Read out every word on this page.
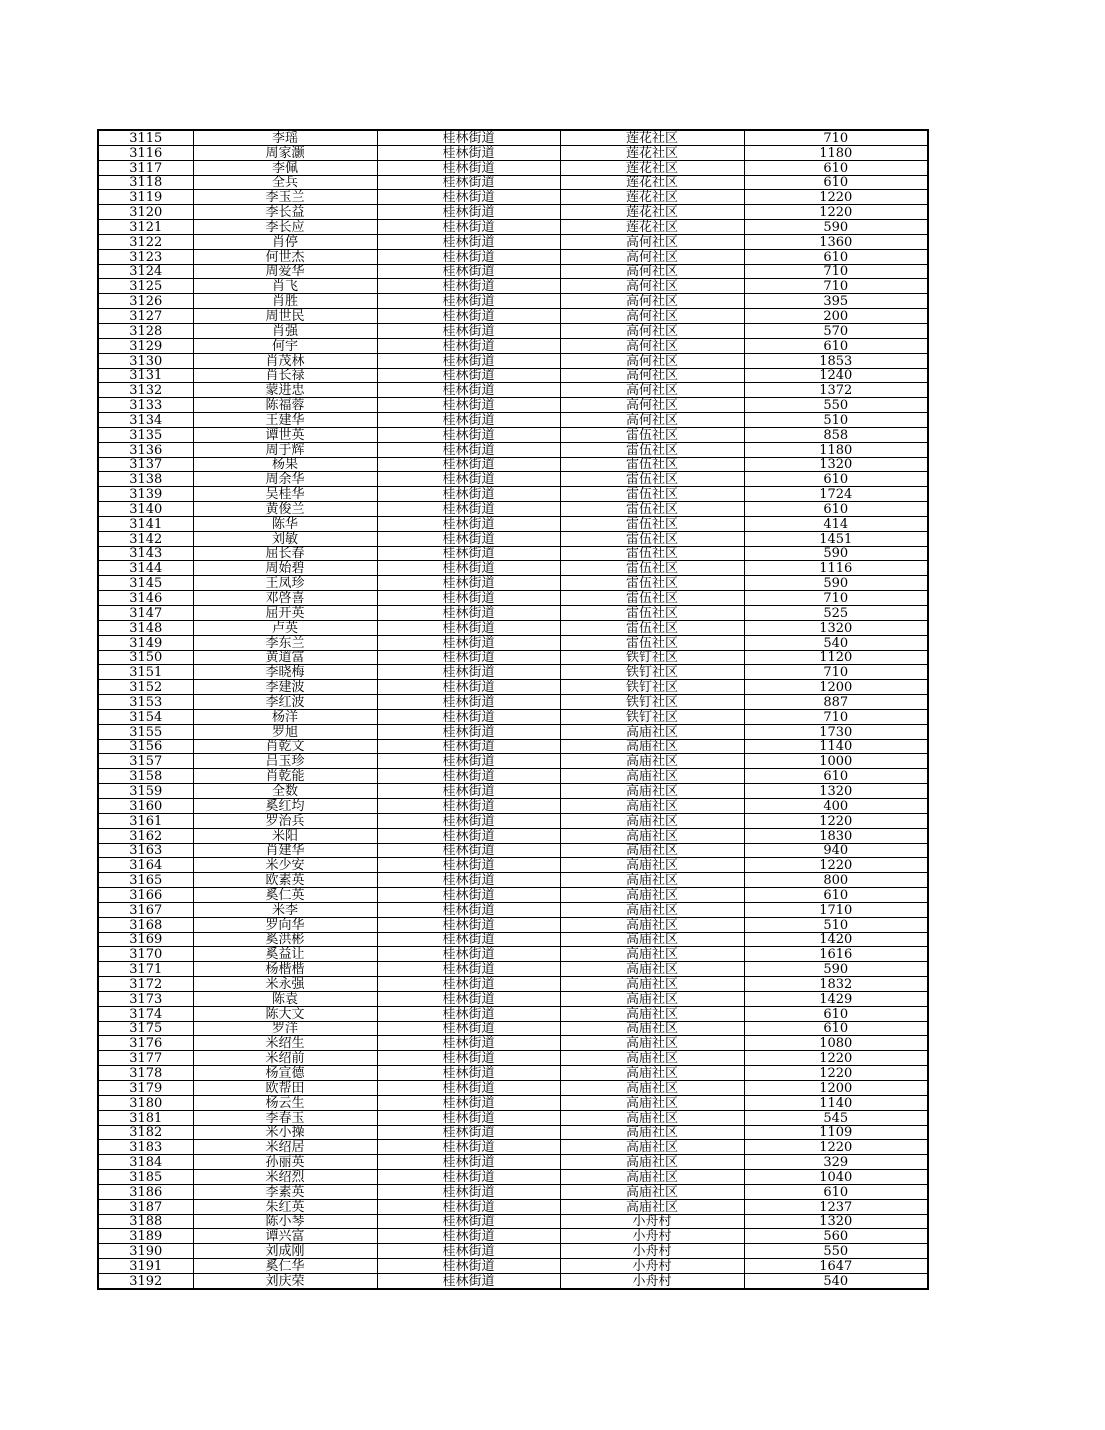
3115	李瑶	桂林街道	莲花社区	710
3116	周家灏	桂林街道	莲花社区	1180
3117	李佩	桂林街道	莲花社区	610
3118	全兵	桂林街道	莲花社区	610
3119	李玉兰	桂林街道	莲花社区	1220
3120	李长益	桂林街道	莲花社区	1220
3121	李长应	桂林街道	莲花社区	590
3122	肖停	桂林街道	高何社区	1360
3123	何世杰	桂林街道	高何社区	610
3124	周爱华	桂林街道	高何社区	710
3125	肖飞	桂林街道	高何社区	710
3126	肖胜	桂林街道	高何社区	395
3127	周世民	桂林街道	高何社区	200
3128	肖强	桂林街道	高何社区	570
3129	何宇	桂林街道	高何社区	610
3130	肖茂林	桂林街道	高何社区	1853
3131	肖长禄	桂林街道	高何社区	1240
3132	蒙进忠	桂林街道	高何社区	1372
3133	陈福蓉	桂林街道	高何社区	550
3134	王建华	桂林街道	高何社区	510
3135	谭世英	桂林街道	雷伍社区	858
3136	周于辉	桂林街道	雷伍社区	1180
3137	杨果	桂林街道	雷伍社区	1320
3138	周余华	桂林街道	雷伍社区	610
3139	吴桂华	桂林街道	雷伍社区	1724
3140	黄俊兰	桂林街道	雷伍社区	610
3141	陈华	桂林街道	雷伍社区	414
3142	刘敏	桂林街道	雷伍社区	1451
3143	屈长春	桂林街道	雷伍社区	590
3144	周始碧	桂林街道	雷伍社区	1116
3145	王凤珍	桂林街道	雷伍社区	590
3146	邓啓喜	桂林街道	雷伍社区	710
3147	屈开英	桂林街道	雷伍社区	525
3148	卢英	桂林街道	雷伍社区	1320
3149	李东兰	桂林街道	雷伍社区	540
3150	黄道富	桂林街道	铁钉社区	1120
3151	李晓梅	桂林街道	铁钉社区	710
3152	李建波	桂林街道	铁钉社区	1200
3153	李红波	桂林街道	铁钉社区	887
3154	杨洋	桂林街道	铁钉社区	710
3155	罗旭	桂林街道	高庙社区	1730
3156	肖乾文	桂林街道	高庙社区	1140
3157	吕玉珍	桂林街道	高庙社区	1000
3158	肖乾能	桂林街道	高庙社区	610
3159	全数	桂林街道	高庙社区	1320
3160	奚红均	桂林街道	高庙社区	400
3161	罗治兵	桂林街道	高庙社区	1220
3162	米阳	桂林街道	高庙社区	1830
3163	肖建华	桂林街道	高庙社区	940
3164	米少安	桂林街道	高庙社区	1220
3165	欧素英	桂林街道	高庙社区	800
3166	奚仁英	桂林街道	高庙社区	610
3167	米李	桂林街道	高庙社区	1710
3168	罗向华	桂林街道	高庙社区	510
3169	奚洪彬	桂林街道	高庙社区	1420
3170	奚益让	桂林街道	高庙社区	1616
3171	杨楷楷	桂林街道	高庙社区	590
3172	米永强	桂林街道	高庙社区	1832
3173	陈袁	桂林街道	高庙社区	1429
3174	陈大文	桂林街道	高庙社区	610
3175	罗洋	桂林街道	高庙社区	610
3176	米绍生	桂林街道	高庙社区	1080
3177	米绍前	桂林街道	高庙社区	1220
3178	杨宣德	桂林街道	高庙社区	1220
3179	欧帮田	桂林街道	高庙社区	1200
3180	杨云生	桂林街道	高庙社区	1140
3181	李春玉	桂林街道	高庙社区	545
3182	米小操	桂林街道	高庙社区	1109
3183	米绍居	桂林街道	高庙社区	1220
3184	孙丽英	桂林街道	高庙社区	329
3185	米绍烈	桂林街道	高庙社区	1040
3186	李素英	桂林街道	高庙社区	610
3187	朱红英	桂林街道	高庙社区	1237
3188	陈小琴	桂林街道	小舟村	1320
3189	谭兴富	桂林街道	小舟村	560
3190	刘成刚	桂林街道	小舟村	550
3191	奚仁华	桂林街道	小舟村	1647
3192	刘庆荣	桂林街道	小舟村	540
